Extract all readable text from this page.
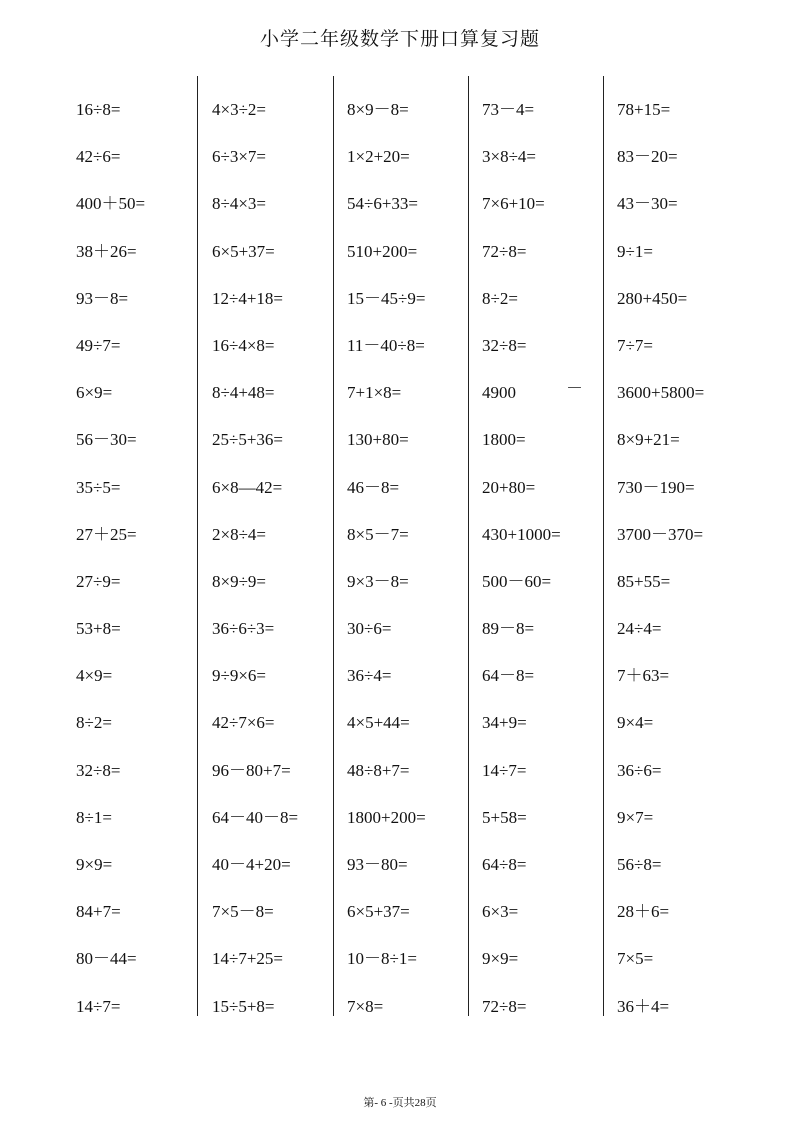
小学二年级数学下册口算复习题
16÷8=
42÷6=
400＋50=
38＋26=
93－8=
49÷7=
6×9=
56－30=
35÷5=
27＋25=
27÷9=
53+8=
4×9=
8÷2=
32÷8=
8÷1=
9×9=
84+7=
80－44=
14÷7=
4×3÷2=
6÷3×7=
8÷4×3=
6×5+37=
12÷4+18=
16÷4×8=
8÷4+48=
25÷5+36=
6×8—42=
2×8÷4=
8×9÷9=
36÷6÷3=
9÷9×6=
42÷7×6=
96－80+7=
64－40－8=
40－4+20=
7×5－8=
14÷7+25=
15÷5+8=
8×9－8=
1×2+20=
54÷6+33=
510+200=
15－45÷9=
11－40÷8=
7+1×8=
130+80=
46－8=
8×5－7=
9×3－8=
30÷6=
36÷4=
4×5+44=
48÷8+7=
1800+200=
93－80=
6×5+37=
10－8÷1=
7×8=
73－4=
3×8÷4=
7×6+10=
72÷8=
8÷2=
32÷8=
4900
1800=
20+80=
430+1000=
500－60=
89－8=
64－8=
34+9=
14÷7=
5+58=
64÷8=
6×3=
9×9=
72÷8=
78+15=
83－20=
43－30=
9÷1=
280+450=
7÷7=
3600+5800=
8×9+21=
730－190=
3700－370=
85+55=
24÷4=
7＋63=
9×4=
36÷6=
9×7=
56÷8=
28＋6=
7×5=
36＋4=
－
第- 6 -页共28页
